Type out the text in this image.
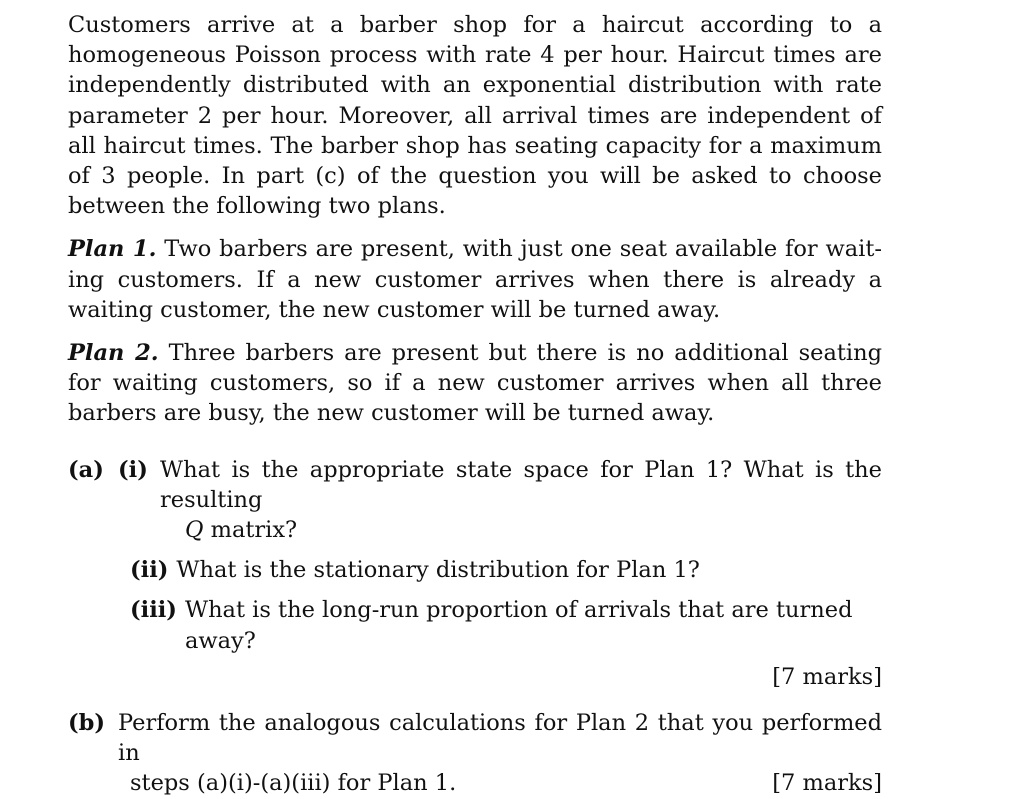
Customers arrive at a barber shop for a haircut according to a homogeneous Poisson process with rate 4 per hour. Haircut times are independently distributed with an exponential distribution with rate parameter 2 per hour. Moreover, all arrival times are independent of all haircut times. The barber shop has seating capacity for a maximum of 3 people. In part (c) of the question you will be asked to choose between the following two plans.

Plan 1. Two barbers are present, with just one seat available for waiting customers. If a new customer arrives when there is already a waiting customer, the new customer will be turned away.

Plan 2. Three barbers are present but there is no additional seating for waiting customers, so if a new customer arrives when all three barbers are busy, the new customer will be turned away.

(a) (i) What is the appropriate state space for Plan 1? What is the resulting
Q matrix?
(ii) What is the stationary distribution for Plan 1?
(iii) What is the long-run proportion of arrivals that are turned away?
[7 marks]
(b) Perform the analogous calculations for Plan 2 that you performed in
steps (a)(i)-(a)(iii) for Plan 1.	[7 marks]
